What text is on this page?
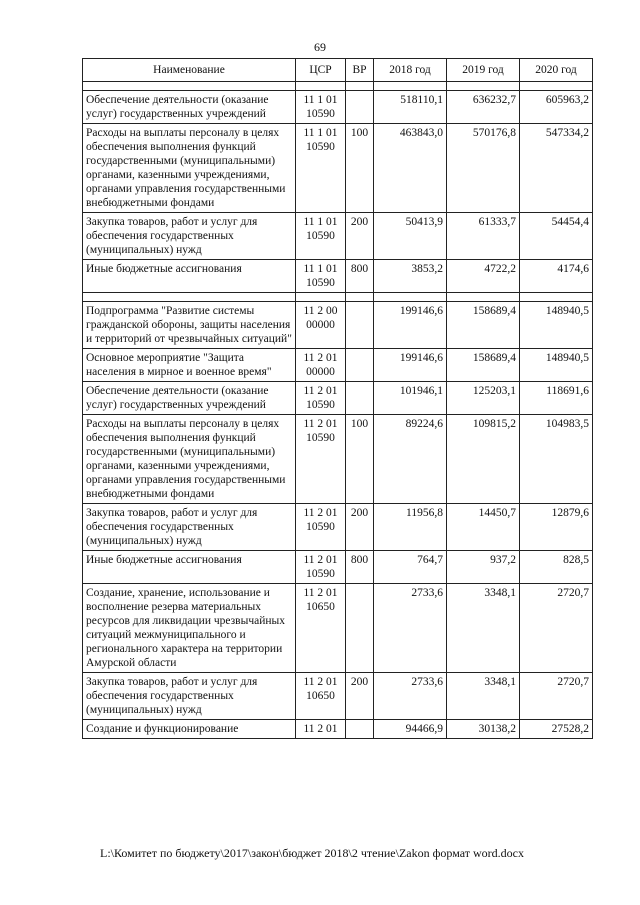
69
Наименование	ЦСР	ВР	2018 год	2019 год	2020 год

Обеспечение деятельности (оказание услуг) государственных учреждений	11 1 01 10590		518110,1	636232,7	605963,2
Расходы на выплаты персоналу в целях обеспечения выполнения функций государственными (муниципальными) органами, казенными учреждениями, органами управления государственными внебюджетными фондами	11 1 01 10590	100	463843,0	570176,8	547334,2
Закупка товаров, работ и услуг для обеспечения государственных (муниципальных) нужд	11 1 01 10590	200	50413,9	61333,7	54454,4
Иные бюджетные ассигнования	11 1 01 10590	800	3853,2	4722,2	4174,6

Подпрограмма "Развитие системы гражданской обороны, защиты населения и территорий от чрезвычайных ситуаций"	11 2 00 00000		199146,6	158689,4	148940,5
Основное мероприятие "Защита населения в мирное и военное время"	11 2 01 00000		199146,6	158689,4	148940,5
Обеспечение деятельности (оказание услуг) государственных учреждений	11 2 01 10590		101946,1	125203,1	118691,6
Расходы на выплаты персоналу в целях обеспечения выполнения функций государственными (муниципальными) органами, казенными учреждениями, органами управления государственными внебюджетными фондами	11 2 01 10590	100	89224,6	109815,2	104983,5
Закупка товаров, работ и услуг для обеспечения государственных (муниципальных) нужд	11 2 01 10590	200	11956,8	14450,7	12879,6
Иные бюджетные ассигнования	11 2 01 10590	800	764,7	937,2	828,5
Создание, хранение, использование и восполнение резерва материальных ресурсов для ликвидации чрезвычайных ситуаций межмуниципального и регионального характера на территории Амурской области	11 2 01 10650		2733,6	3348,1	2720,7
Закупка товаров, работ и услуг для обеспечения государственных (муниципальных) нужд	11 2 01 10650	200	2733,6	3348,1	2720,7
Создание и функционирование	11 2 01		94466,9	30138,2	27528,2
L:\Комитет по бюджету\2017\закон\бюджет 2018\2 чтение\Zakon формат word.docx
